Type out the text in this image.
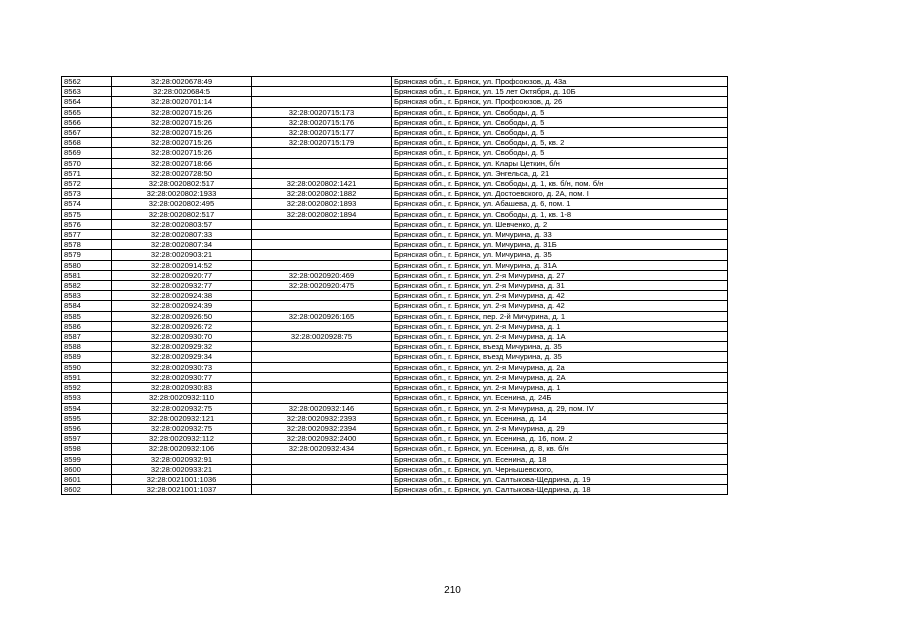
8562	32:28:0020678:49		Брянская обл., г. Брянск, ул. Профсоюзов, д. 43а
8563	32:28:0020684:5		Брянская обл., г. Брянск, ул. 15 лет Октября, д. 10Б
8564	32:28:0020701:14		Брянская обл., г. Брянск, ул. Профсоюзов, д. 26
8565	32:28:0020715:26	32:28:0020715:173	Брянская обл., г. Брянск, ул. Свободы, д. 5
8566	32:28:0020715:26	32:28:0020715:176	Брянская обл., г. Брянск, ул. Свободы, д. 5
8567	32:28:0020715:26	32:28:0020715:177	Брянская обл., г. Брянск, ул. Свободы, д. 5
8568	32:28:0020715:26	32:28:0020715:179	Брянская обл., г. Брянск, ул. Свободы, д. 5, кв. 2
8569	32:28:0020715:26		Брянская обл., г. Брянск, ул. Свободы, д. 5
8570	32:28:0020718:66		Брянская обл., г. Брянск, ул. Клары Цеткин, б/н
8571	32:28:0020728:50		Брянская обл., г. Брянск, ул. Энгельса, д. 21
8572	32:28:0020802:517	32:28:0020802:1421	Брянская обл., г. Брянск, ул. Свободы, д. 1, кв. б/н, пом. б/н
8573	32:28:0020802:1933	32:28:0020802:1882	Брянская обл., г. Брянск, ул. Достоевского, д. 2А, пом. I
8574	32:28:0020802:495	32:28:0020802:1893	Брянская обл., г. Брянск, ул. Абашева, д. 6, пом. 1
8575	32:28:0020802:517	32:28:0020802:1894	Брянская обл., г. Брянск, ул. Свободы, д. 1, кв. 1-8
8576	32:28:0020803:57		Брянская обл., г. Брянск, ул. Шевченко, д. 2
8577	32:28:0020807:33		Брянская обл., г. Брянск, ул. Мичурина, д. 33
8578	32:28:0020807:34		Брянская обл., г. Брянск, ул. Мичурина, д. 31Б
8579	32:28:0020903:21		Брянская обл., г. Брянск, ул. Мичурина, д. 35
8580	32:28:0020914:52		Брянская обл., г. Брянск, ул. Мичурина, д. 31А
8581	32:28:0020920:77	32:28:0020920:469	Брянская обл., г. Брянск, ул. 2-я Мичурина, д. 27
8582	32:28:0020932:77	32:28:0020920:475	Брянская обл., г. Брянск, ул. 2-я Мичурина, д. 31
8583	32:28:0020924:38		Брянская обл., г. Брянск, ул. 2-я Мичурина, д. 42
8584	32:28:0020924:39		Брянская обл., г. Брянск, ул. 2-я Мичурина, д. 42
8585	32:28:0020926:50	32:28:0020926:165	Брянская обл., г. Брянск, пер. 2-й Мичурина, д. 1
8586	32:28:0020926:72		Брянская обл., г. Брянск, ул. 2-я Мичурина, д. 1
8587	32:28:0020930:70	32:28:0020928:75	Брянская обл., г. Брянск, ул. 2-я Мичурина, д. 1А
8588	32:28:0020929:32		Брянская обл., г. Брянск, въезд Мичурина, д. 35
8589	32:28:0020929:34		Брянская обл., г. Брянск, въезд Мичурина, д. 35
8590	32:28:0020930:73		Брянская обл., г. Брянск, ул. 2-я Мичурина, д. 2а
8591	32:28:0020930:77		Брянская обл., г. Брянск, ул. 2-я Мичурина, д. 2А
8592	32:28:0020930:83		Брянская обл., г. Брянск, ул. 2-я Мичурина, д. 1
8593	32:28:0020932:110		Брянская обл., г. Брянск, ул. Есенина, д. 24Б
8594	32:28:0020932:75	32:28:0020932:146	Брянская обл., г. Брянск, ул. 2-я Мичурина, д. 29, пом. IV
8595	32:28:0020932:121	32:28:0020932:2393	Брянская обл., г. Брянск, ул. Есенина, д. 14
8596	32:28:0020932:75	32:28:0020932:2394	Брянская обл., г. Брянск, ул. 2-я Мичурина, д. 29
8597	32:28:0020932:112	32:28:0020932:2400	Брянская обл., г. Брянск, ул. Есенина, д. 16, пом. 2
8598	32:28:0020932:106	32:28:0020932:434	Брянская обл., г. Брянск, ул. Есенина, д. 8, кв. б/н
8599	32:28:0020932:91		Брянская обл., г. Брянск, ул. Есенина, д. 18
8600	32:28:0020933:21		Брянская обл., г. Брянск, ул. Чернышевского,
8601	32:28:0021001:1036		Брянская обл., г. Брянск, ул. Салтыкова-Щедрина, д. 19
8602	32:28:0021001:1037		Брянская обл., г. Брянск, ул. Салтыкова-Щедрина, д. 18
210
